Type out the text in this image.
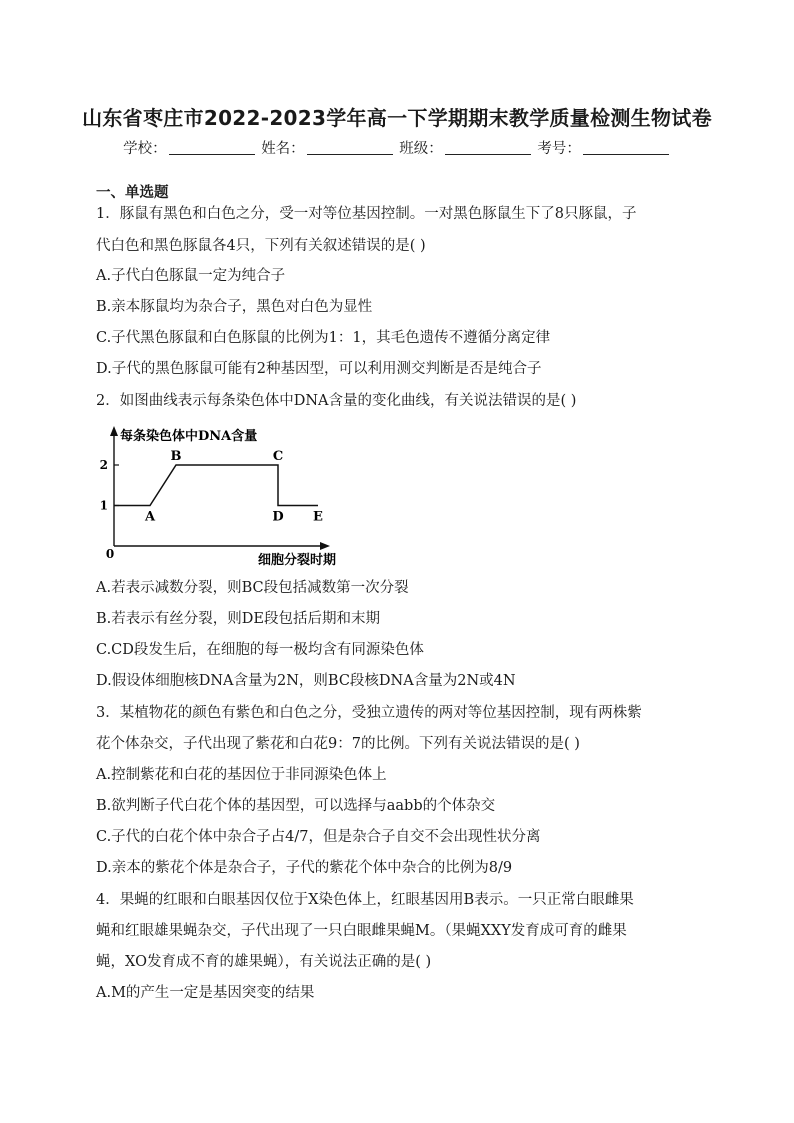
山东省枣庄市2022-2023学年高一下学期期末教学质量检测生物试卷
学校：	姓名：	班级：	考号：
一、单选题
1．豚鼠有黑色和白色之分，受一对等位基因控制。一对黑色豚鼠生下了8只豚鼠，子
代白色和黑色豚鼠各4只，下列有关叙述错误的是( )
A.子代白色豚鼠一定为纯合子
B.亲本豚鼠均为杂合子，黑色对白色为显性
C.子代黑色豚鼠和白色豚鼠的比例为1：1，其毛色遗传不遵循分离定律
D.子代的黑色豚鼠可能有2种基因型，可以利用测交判断是否是纯合子
2．如图曲线表示每条染色体中DNA含量的变化曲线，有关说法错误的是( )
每条染色体中DNA含量
细胞分裂时期
0
1
2
A
B	C
D E
A.若表示减数分裂，则BC段包括减数第一次分裂
B.若表示有丝分裂，则DE段包括后期和末期
C.CD段发生后，在细胞的每一极均含有同源染色体
D.假设体细胞核DNA含量为2N，则BC段核DNA含量为2N或4N
3．某植物花的颜色有紫色和白色之分，受独立遗传的两对等位基因控制，现有两株紫
花个体杂交，子代出现了紫花和白花9：7的比例。下列有关说法错误的是( )
A.控制紫花和白花的基因位于非同源染色体上
B.欲判断子代白花个体的基因型，可以选择与aabb的个体杂交
C.子代的白花个体中杂合子占4/7，但是杂合子自交不会出现性状分离
D.亲本的紫花个体是杂合子，子代的紫花个体中杂合的比例为8/9
4．果蝇的红眼和白眼基因仅位于X染色体上，红眼基因用B表示。一只正常白眼雌果
蝇和红眼雄果蝇杂交，子代出现了一只白眼雌果蝇M。（果蝇XXY发育成可育的雌果
蝇，XO发育成不育的雄果蝇），有关说法正确的是( )
A.M的产生一定是基因突变的结果
